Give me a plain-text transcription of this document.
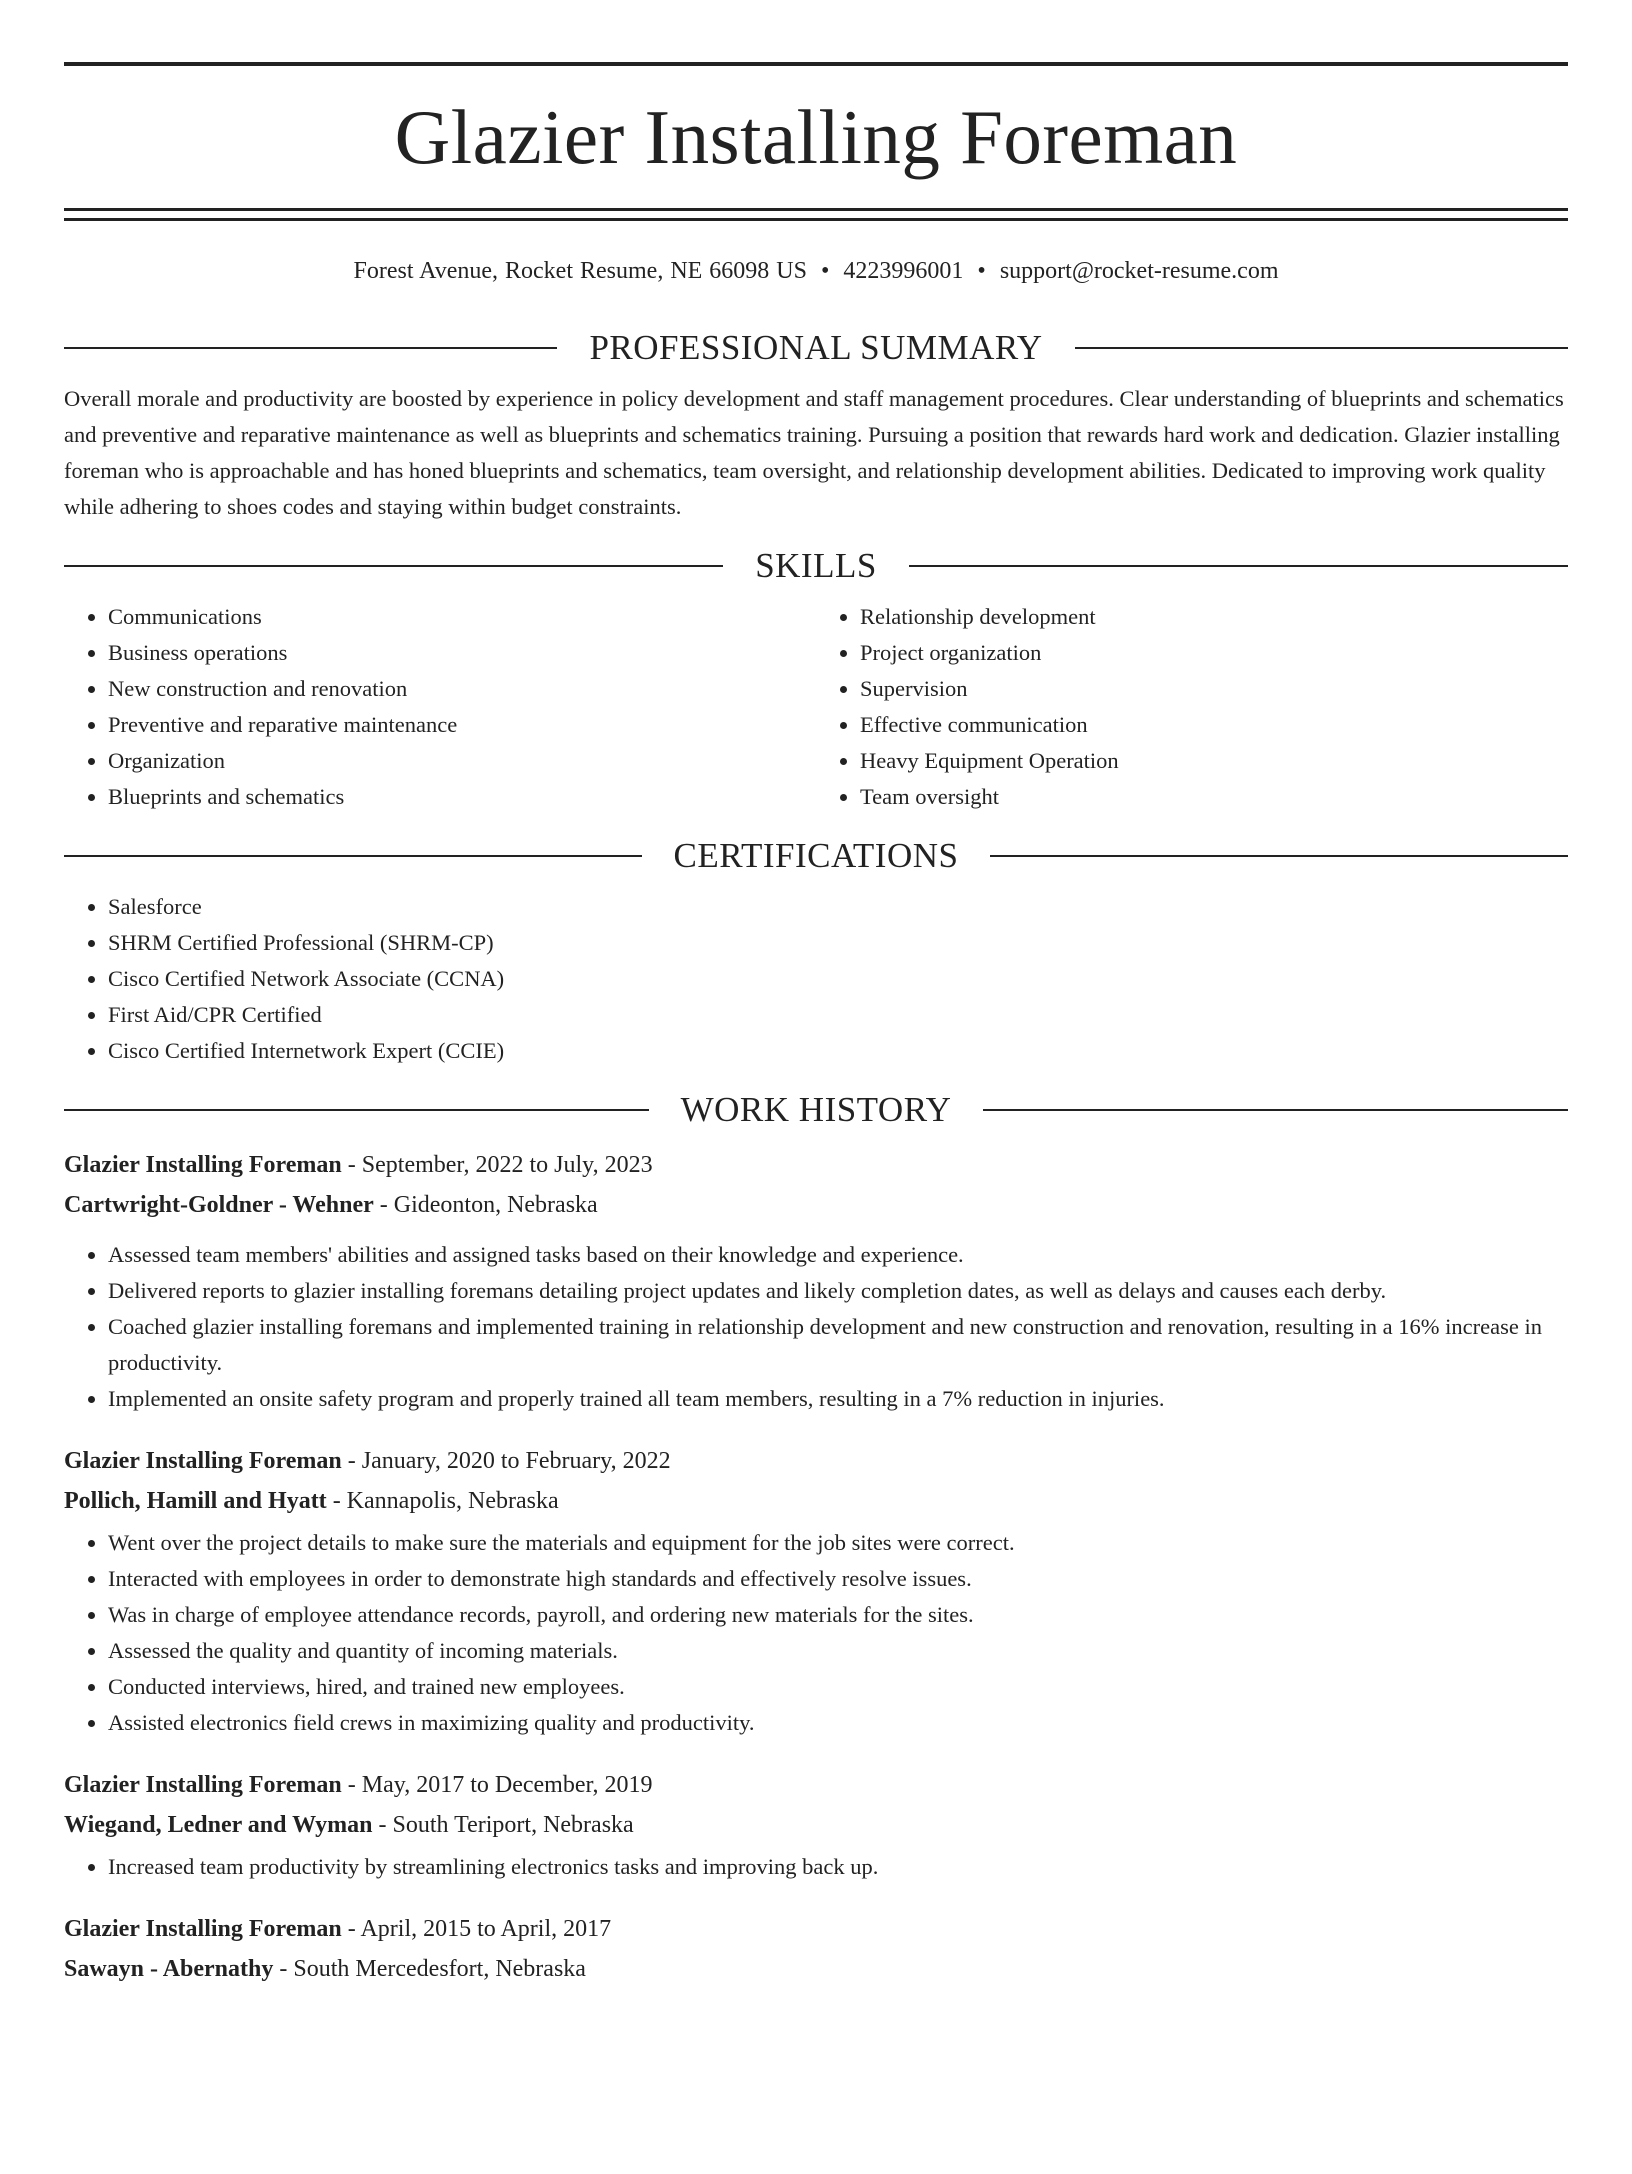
Glazier Installing Foreman
Forest Avenue, Rocket Resume, NE 66098 US • 4223996001 • support@rocket-resume.com
PROFESSIONAL SUMMARY

Overall morale and productivity are boosted by experience in policy development and staff management procedures. Clear understanding of blueprints and schematics and preventive and reparative maintenance as well as blueprints and schematics training. Pursuing a position that rewards hard work and dedication. Glazier installing foreman who is approachable and has honed blueprints and schematics, team oversight, and relationship development abilities. Dedicated to improving work quality while adhering to shoes codes and staying within budget constraints.

SKILLS
• Communications
• Business operations
• New construction and renovation
• Preventive and reparative maintenance
• Organization
• Blueprints and schematics
• Relationship development
• Project organization
• Supervision
• Effective communication
• Heavy Equipment Operation
• Team oversight
CERTIFICATIONS
• Salesforce
• SHRM Certified Professional (SHRM-CP)
• Cisco Certified Network Associate (CCNA)
• First Aid/CPR Certified
• Cisco Certified Internetwork Expert (CCIE)
WORK HISTORY

Glazier Installing Foreman - September, 2022 to July, 2023

Cartwright-Goldner - Wehner - Gideonton, Nebraska

• Assessed team members' abilities and assigned tasks based on their knowledge and experience.
• Delivered reports to glazier installing foremans detailing project updates and likely completion dates, as well as delays and causes each derby.
• Coached glazier installing foremans and implemented training in relationship development and new construction and renovation, resulting in a 16% increase in productivity.
• Implemented an onsite safety program and properly trained all team members, resulting in a 7% reduction in injuries.

Glazier Installing Foreman - January, 2020 to February, 2022

Pollich, Hamill and Hyatt - Kannapolis, Nebraska

• Went over the project details to make sure the materials and equipment for the job sites were correct.
• Interacted with employees in order to demonstrate high standards and effectively resolve issues.
• Was in charge of employee attendance records, payroll, and ordering new materials for the sites.
• Assessed the quality and quantity of incoming materials.
• Conducted interviews, hired, and trained new employees.
• Assisted electronics field crews in maximizing quality and productivity.

Glazier Installing Foreman - May, 2017 to December, 2019

Wiegand, Ledner and Wyman - South Teriport, Nebraska

• Increased team productivity by streamlining electronics tasks and improving back up.

Glazier Installing Foreman - April, 2015 to April, 2017

Sawayn - Abernathy - South Mercedesfort, Nebraska
